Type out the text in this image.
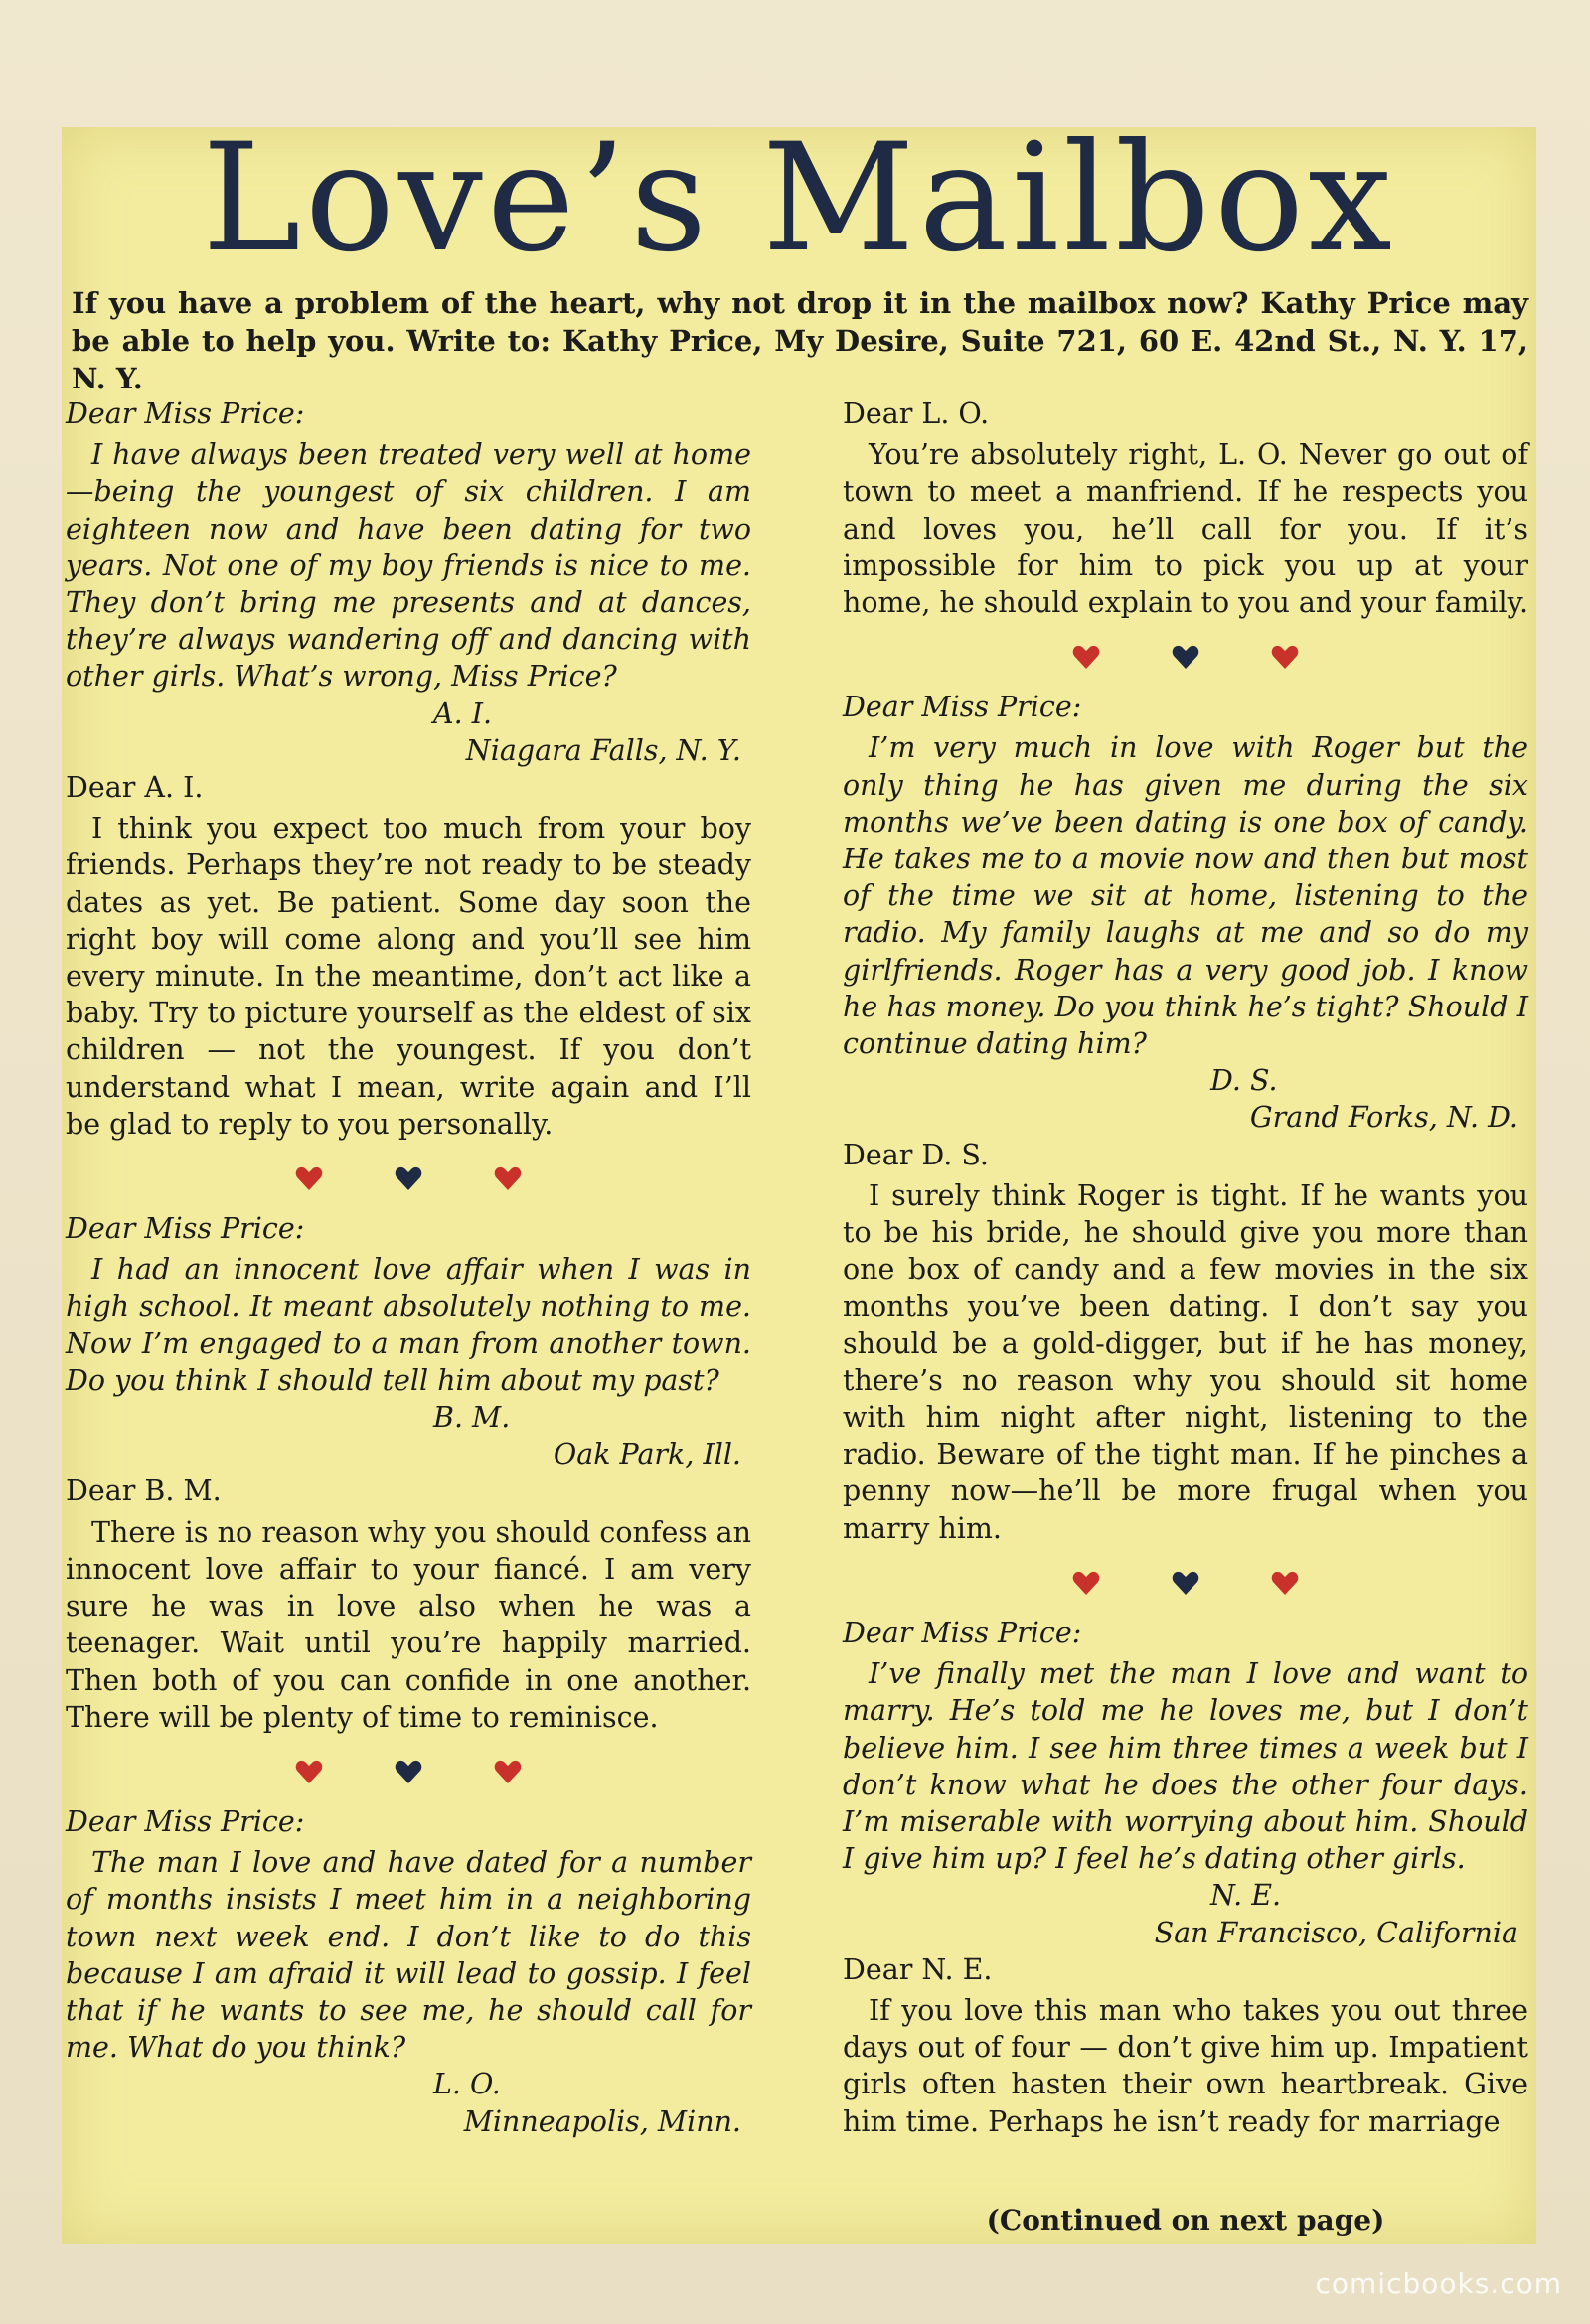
Love’s Mailbox

If you have a problem of the heart, why not drop it in the mailbox now? Kathy Price may be able to help you. Write to: Kathy Price, My Desire, Suite 721, 60 E. 42nd St., N. Y. 17, N. Y.

Dear Miss Price:

I have always been treated very well at home —being the youngest of six children. I am eighteen now and have been dating for two years. Not one of my boy friends is nice to me. They don’t bring me presents and at dances, they’re always wandering off and dancing with other girls. What’s wrong, Miss Price?

A. I.

Niagara Falls, N. Y.

Dear A. I.

I think you expect too much from your boy friends. Perhaps they’re not ready to be steady dates as yet. Be patient. Some day soon the right boy will come along and you’ll see him every minute. In the meantime, don’t act like a baby. Try to picture yourself as the eldest of six children — not the youngest. If you don’t understand what I mean, write again and I’ll be glad to reply to you personally.

Dear Miss Price:

I had an innocent love affair when I was in high school. It meant absolutely nothing to me. Now I’m engaged to a man from another town. Do you think I should tell him about my past?

B. M.

Oak Park, Ill.

Dear B. M.

There is no reason why you should confess an innocent love affair to your fiancé. I am very sure he was in love also when he was a teenager. Wait until you’re happily married. Then both of you can confide in one another. There will be plenty of time to reminisce.

Dear Miss Price:

The man I love and have dated for a number of months insists I meet him in a neighboring town next week end. I don’t like to do this because I am afraid it will lead to gossip. I feel that if he wants to see me, he should call for me. What do you think?

L. O.

Minneapolis, Minn.

Dear L. O.

You’re absolutely right, L. O. Never go out of town to meet a manfriend. If he respects you and loves you, he’ll call for you. If it’s impossible for him to pick you up at your home, he should explain to you and your family.

Dear Miss Price:

I’m very much in love with Roger but the only thing he has given me during the six months we’ve been dating is one box of candy. He takes me to a movie now and then but most of the time we sit at home, listening to the radio. My family laughs at me and so do my girlfriends. Roger has a very good job. I know he has money. Do you think he’s tight? Should I continue dating him?

D. S.

Grand Forks, N. D.

Dear D. S.

I surely think Roger is tight. If he wants you to be his bride, he should give you more than one box of candy and a few movies in the six months you’ve been dating. I don’t say you should be a gold-digger, but if he has money, there’s no reason why you should sit home with him night after night, listening to the radio. Beware of the tight man. If he pinches a penny now—he’ll be more frugal when you marry him.

Dear Miss Price:

I’ve finally met the man I love and want to marry. He’s told me he loves me, but I don’t believe him. I see him three times a week but I don’t know what he does the other four days. I’m miserable with worrying about him. Should I give him up? I feel he’s dating other girls.

N. E.

San Francisco, California

Dear N. E.

If you love this man who takes you out three days out of four — don’t give him up. Impatient girls often hasten their own heartbreak. Give him time. Perhaps he isn’t ready for marriage

(Continued on next page)

comicbooks.com
